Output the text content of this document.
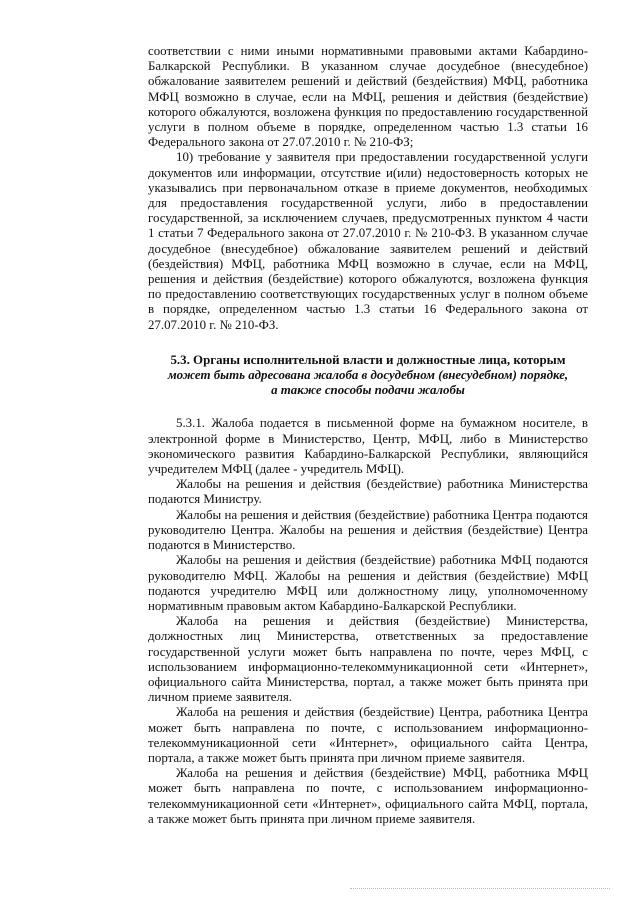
соответствии с ними иными нормативными правовыми актами Кабардино-Балкарской Республики. В указанном случае досудебное (внесудебное) обжалование заявителем решений и действий (бездействия) МФЦ, работника МФЦ возможно в случае, если на МФЦ, решения и действия (бездействие) которого обжалуются, возложена функция по предоставлению государственной услуги в полном объеме в порядке, определенном частью 1.3 статьи 16 Федерального закона от 27.07.2010 г. № 210-ФЗ;

10) требование у заявителя при предоставлении государственной услуги документов или информации, отсутствие и(или) недостоверность которых не указывались при первоначальном отказе в приеме документов, необходимых для предоставления государственной услуги, либо в предоставлении государственной, за исключением случаев, предусмотренных пунктом 4 части 1 статьи 7 Федерального закона от 27.07.2010 г. № 210-ФЗ. В указанном случае досудебное (внесудебное) обжалование заявителем решений и действий (бездействия) МФЦ, работника МФЦ возможно в случае, если на МФЦ, решения и действия (бездействие) которого обжалуются, возложена функция по предоставлению соответствующих государственных услуг в полном объеме в порядке, определенном частью 1.3 статьи 16 Федерального закона от 27.07.2010 г. № 210-ФЗ.

5.3. Органы исполнительной власти и должностные лица, которым
может быть адресована жалоба в досудебном (внесудебном) порядке,
а также способы подачи жалобы

5.3.1. Жалоба подается в письменной форме на бумажном носителе, в электронной форме в Министерство, Центр, МФЦ, либо в Министерство экономического развития Кабардино-Балкарской Республики, являющийся учредителем МФЦ (далее - учредитель МФЦ).

Жалобы на решения и действия (бездействие) работника Министерства подаются Министру.

Жалобы на решения и действия (бездействие) работника Центра подаются руководителю Центра. Жалобы на решения и действия (бездействие) Центра подаются в Министерство.

Жалобы на решения и действия (бездействие) работника МФЦ подаются руководителю МФЦ. Жалобы на решения и действия (бездействие) МФЦ подаются учредителю МФЦ или должностному лицу, уполномоченному нормативным правовым актом Кабардино-Балкарской Республики.

Жалоба на решения и действия (бездействие) Министерства, должностных лиц Министерства, ответственных за предоставление государственной услуги может быть направлена по почте, через МФЦ, с использованием информационно-телекоммуникационной сети «Интернет», официального сайта Министерства, портал, а также может быть принята при личном приеме заявителя.

Жалоба на решения и действия (бездействие) Центра, работника Центра может быть направлена по почте, с использованием информационно-телекоммуникационной сети «Интернет», официального сайта Центра, портала, а также может быть принята при личном приеме заявителя.

Жалоба на решения и действия (бездействие) МФЦ, работника МФЦ может быть направлена по почте, с использованием информационно-телекоммуникационной сети «Интернет», официального сайта МФЦ, портала, а также может быть принята при личном приеме заявителя.
